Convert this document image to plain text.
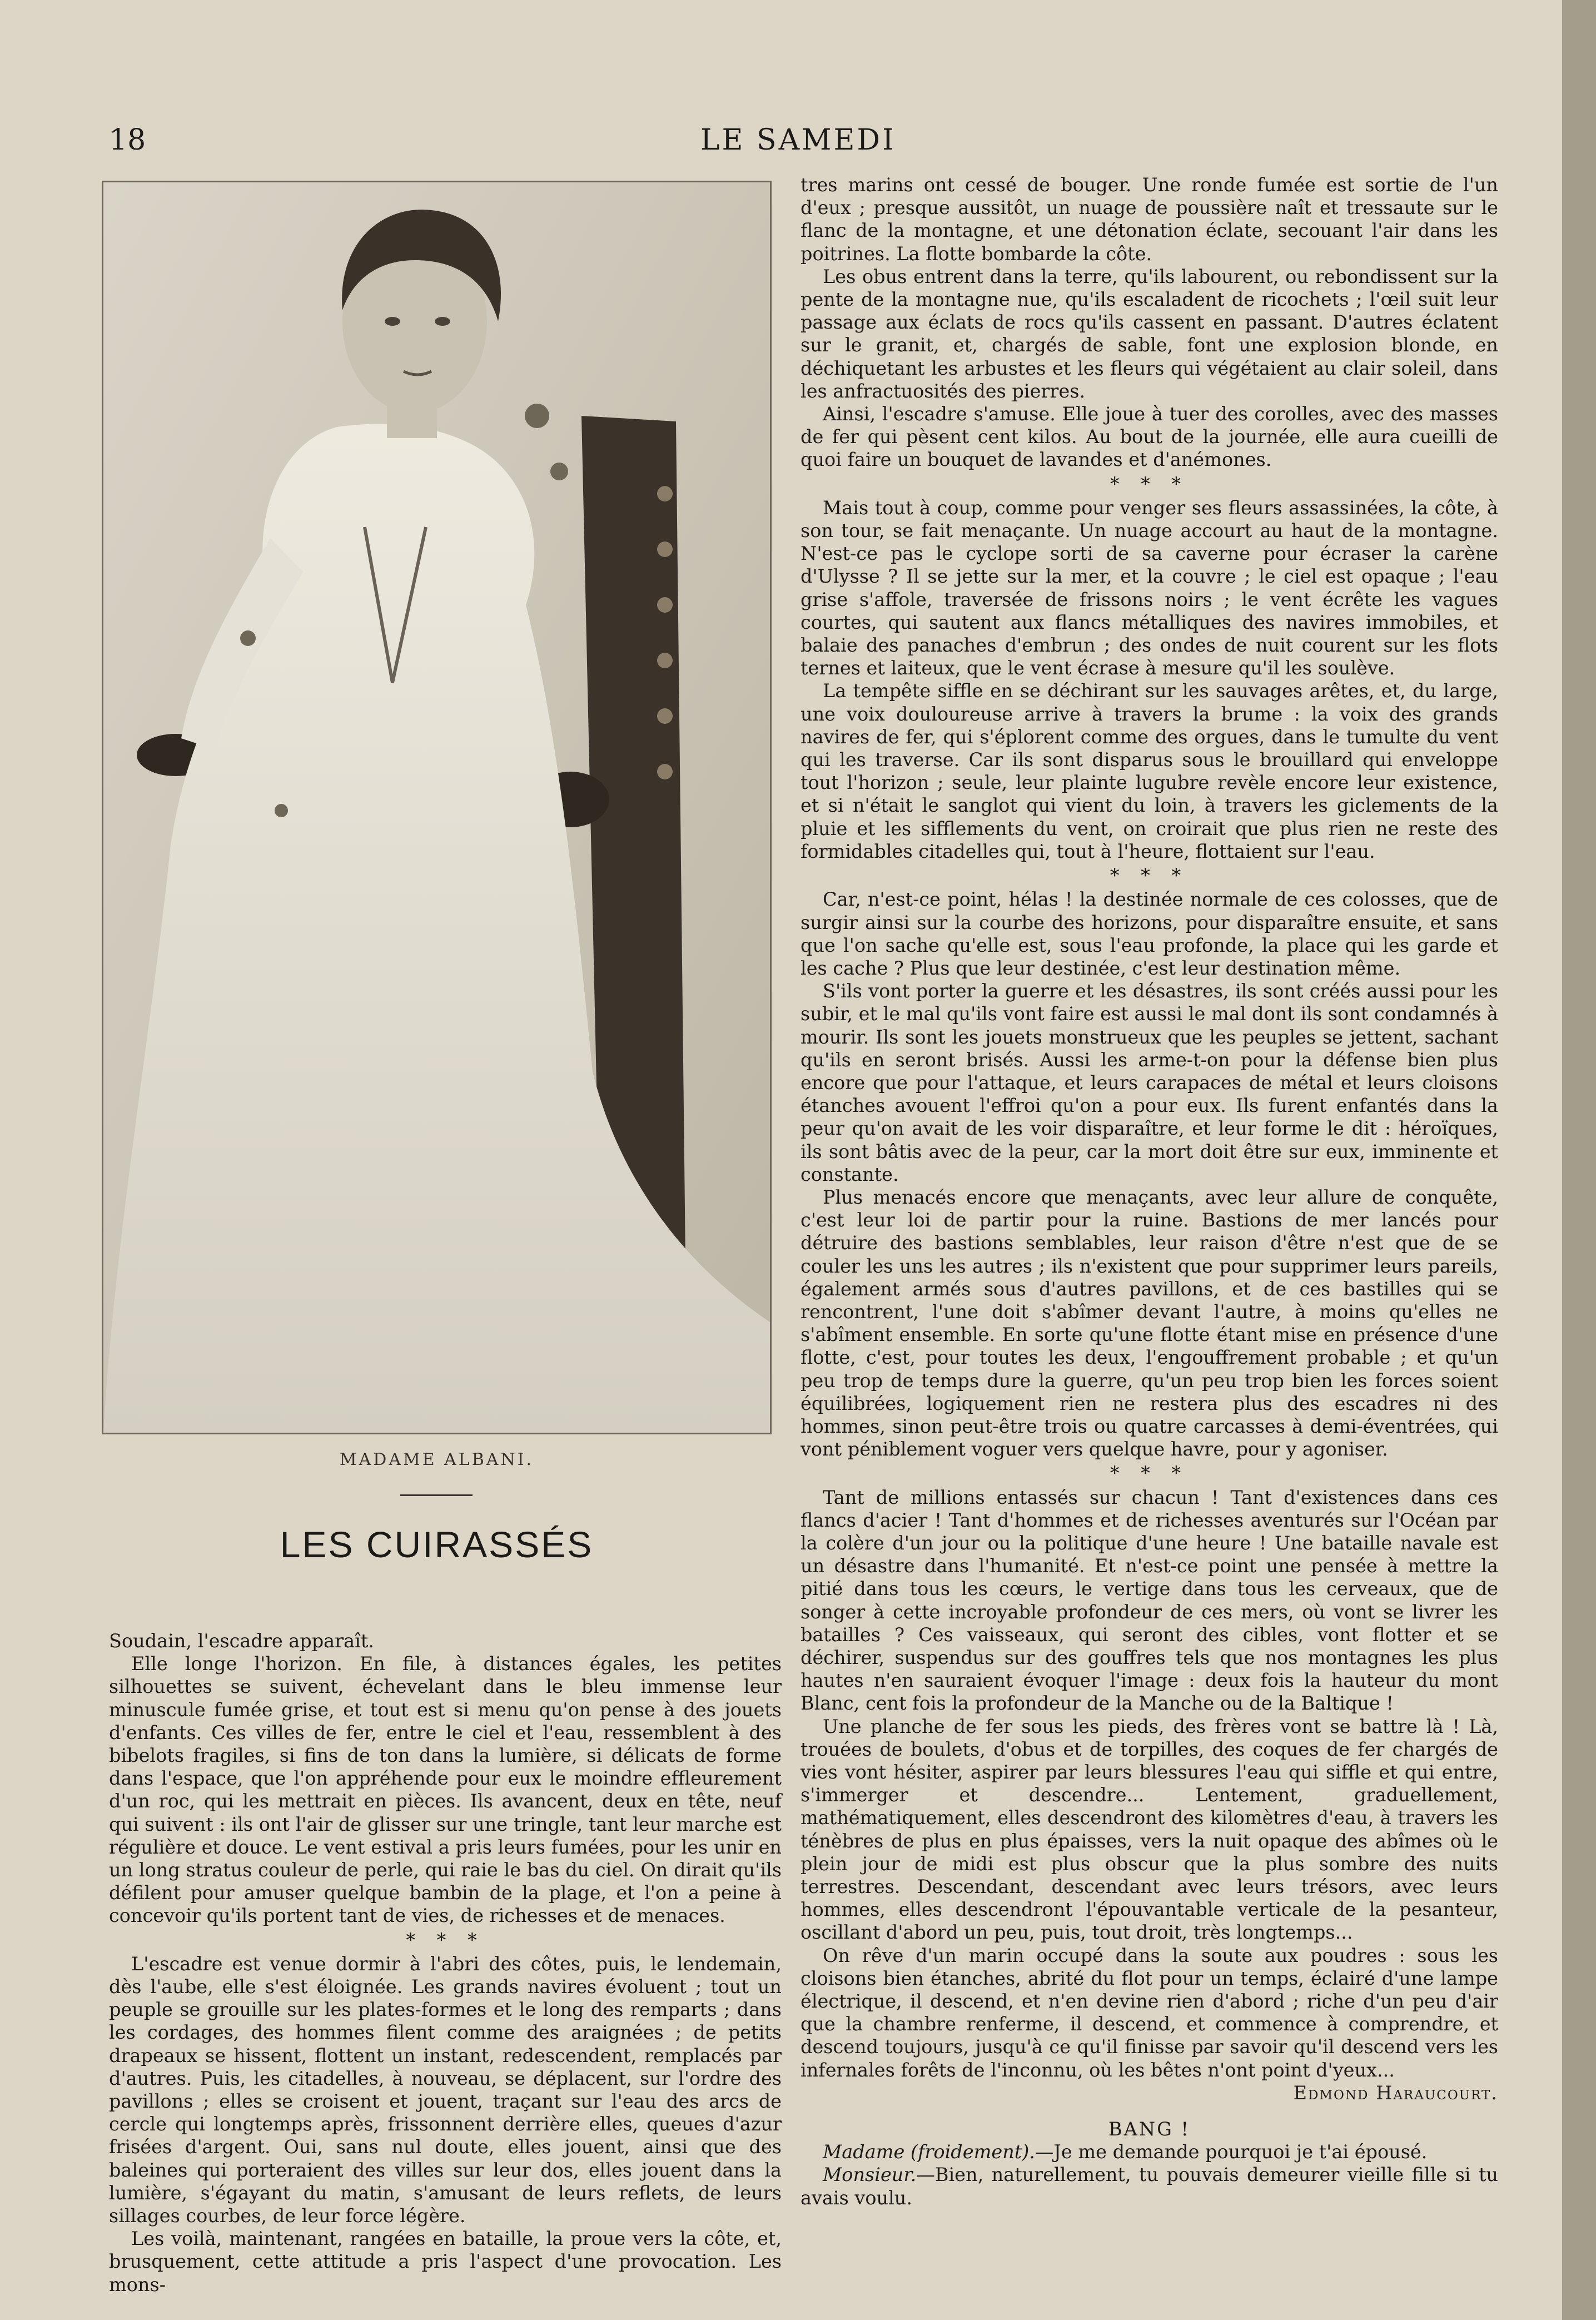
18	LE SAMEDI
MADAME ALBANI.
LES CUIRASSÉS

Soudain, l'escadre apparaît.

Elle longe l'horizon. En file, à distances égales, les petites silhouettes se suivent, échevelant dans le bleu immense leur minuscule fumée grise, et tout est si menu qu'on pense à des jouets d'enfants. Ces villes de fer, entre le ciel et l'eau, ressemblent à des bibelots fragiles, si fins de ton dans la lumière, si délicats de forme dans l'espace, que l'on appréhende pour eux le moindre effleurement d'un roc, qui les mettrait en pièces. Ils avancent, deux en tête, neuf qui suivent : ils ont l'air de glisser sur une tringle, tant leur marche est régulière et douce. Le vent estival a pris leurs fumées, pour les unir en un long stratus couleur de perle, qui raie le bas du ciel. On dirait qu'ils défilent pour amuser quelque bambin de la plage, et l'on a peine à concevoir qu'ils portent tant de vies, de richesses et de menaces.

* * *

L'escadre est venue dormir à l'abri des côtes, puis, le lendemain, dès l'aube, elle s'est éloignée. Les grands navires évoluent ; tout un peuple se grouille sur les plates-formes et le long des remparts ; dans les cordages, des hommes filent comme des araignées ; de petits drapeaux se hissent, flottent un instant, redescendent, remplacés par d'autres. Puis, les citadelles, à nouveau, se déplacent, sur l'ordre des pavillons ; elles se croisent et jouent, traçant sur l'eau des arcs de cercle qui longtemps après, frissonnent derrière elles, queues d'azur frisées d'argent. Oui, sans nul doute, elles jouent, ainsi que des baleines qui porteraient des villes sur leur dos, elles jouent dans la lumière, s'égayant du matin, s'amusant de leurs reflets, de leurs sillages courbes, de leur force légère.

Les voilà, maintenant, rangées en bataille, la proue vers la côte, et, brusquement, cette attitude a pris l'aspect d'une provocation. Les mons-

tres marins ont cessé de bouger. Une ronde fumée est sortie de l'un d'eux ; presque aussitôt, un nuage de poussière naît et tressaute sur le flanc de la montagne, et une détonation éclate, secouant l'air dans les poitrines. La flotte bombarde la côte.

Les obus entrent dans la terre, qu'ils labourent, ou rebondissent sur la pente de la montagne nue, qu'ils escaladent de ricochets ; l'œil suit leur passage aux éclats de rocs qu'ils cassent en passant. D'autres éclatent sur le granit, et, chargés de sable, font une explosion blonde, en déchiquetant les arbustes et les fleurs qui végétaient au clair soleil, dans les anfractuosités des pierres.

Ainsi, l'escadre s'amuse. Elle joue à tuer des corolles, avec des masses de fer qui pèsent cent kilos. Au bout de la journée, elle aura cueilli de quoi faire un bouquet de lavandes et d'anémones.

* * *

Mais tout à coup, comme pour venger ses fleurs assassinées, la côte, à son tour, se fait menaçante. Un nuage accourt au haut de la montagne. N'est-ce pas le cyclope sorti de sa caverne pour écraser la carène d'Ulysse ? Il se jette sur la mer, et la couvre ; le ciel est opaque ; l'eau grise s'affole, traversée de frissons noirs ; le vent écrête les vagues courtes, qui sautent aux flancs métalliques des navires immobiles, et balaie des panaches d'embrun ; des ondes de nuit courent sur les flots ternes et laiteux, que le vent écrase à mesure qu'il les soulève.

La tempête siffle en se déchirant sur les sauvages arêtes, et, du large, une voix douloureuse arrive à travers la brume : la voix des grands navires de fer, qui s'éplorent comme des orgues, dans le tumulte du vent qui les traverse. Car ils sont disparus sous le brouillard qui enveloppe tout l'horizon ; seule, leur plainte lugubre revèle encore leur existence, et si n'était le sanglot qui vient du loin, à travers les giclements de la pluie et les sifflements du vent, on croirait que plus rien ne reste des formidables citadelles qui, tout à l'heure, flottaient sur l'eau.

* * *

Car, n'est-ce point, hélas ! la destinée normale de ces colosses, que de surgir ainsi sur la courbe des horizons, pour disparaître ensuite, et sans que l'on sache qu'elle est, sous l'eau profonde, la place qui les garde et les cache ? Plus que leur destinée, c'est leur destination même.

S'ils vont porter la guerre et les désastres, ils sont créés aussi pour les subir, et le mal qu'ils vont faire est aussi le mal dont ils sont condamnés à mourir. Ils sont les jouets monstrueux que les peuples se jettent, sachant qu'ils en seront brisés. Aussi les arme-t-on pour la défense bien plus encore que pour l'attaque, et leurs carapaces de métal et leurs cloisons étanches avouent l'effroi qu'on a pour eux. Ils furent enfantés dans la peur qu'on avait de les voir disparaître, et leur forme le dit : héroïques, ils sont bâtis avec de la peur, car la mort doit être sur eux, imminente et constante.

Plus menacés encore que menaçants, avec leur allure de conquête, c'est leur loi de partir pour la ruine. Bastions de mer lancés pour détruire des bastions semblables, leur raison d'être n'est que de se couler les uns les autres ; ils n'existent que pour supprimer leurs pareils, également armés sous d'autres pavillons, et de ces bastilles qui se rencontrent, l'une doit s'abîmer devant l'autre, à moins qu'elles ne s'abîment ensemble. En sorte qu'une flotte étant mise en présence d'une flotte, c'est, pour toutes les deux, l'engouffrement probable ; et qu'un peu trop de temps dure la guerre, qu'un peu trop bien les forces soient équilibrées, logiquement rien ne restera plus des escadres ni des hommes, sinon peut-être trois ou quatre carcasses à demi-éventrées, qui vont péniblement voguer vers quelque havre, pour y agoniser.

* * *

Tant de millions entassés sur chacun ! Tant d'existences dans ces flancs d'acier ! Tant d'hommes et de richesses aventurés sur l'Océan par la colère d'un jour ou la politique d'une heure ! Une bataille navale est un désastre dans l'humanité. Et n'est-ce point une pensée à mettre la pitié dans tous les cœurs, le vertige dans tous les cerveaux, que de songer à cette incroyable profondeur de ces mers, où vont se livrer les batailles ? Ces vaisseaux, qui seront des cibles, vont flotter et se déchirer, suspendus sur des gouffres tels que nos montagnes les plus hautes n'en sauraient évoquer l'image : deux fois la hauteur du mont Blanc, cent fois la profondeur de la Manche ou de la Baltique !

Une planche de fer sous les pieds, des frères vont se battre là ! Là, trouées de boulets, d'obus et de torpilles, des coques de fer chargés de vies vont hésiter, aspirer par leurs blessures l'eau qui siffle et qui entre, s'immerger et descendre... Lentement, graduellement, mathématiquement, elles descendront des kilomètres d'eau, à travers les ténèbres de plus en plus épaisses, vers la nuit opaque des abîmes où le plein jour de midi est plus obscur que la plus sombre des nuits terrestres. Descendant, descendant avec leurs trésors, avec leurs hommes, elles descendront l'épouvantable verticale de la pesanteur, oscillant d'abord un peu, puis, tout droit, très longtemps...

On rêve d'un marin occupé dans la soute aux poudres : sous les cloisons bien étanches, abrité du flot pour un temps, éclairé d'une lampe électrique, il descend, et n'en devine rien d'abord ; riche d'un peu d'air que la chambre renferme, il descend, et commence à comprendre, et descend toujours, jusqu'à ce qu'il finisse par savoir qu'il descend vers les infernales forêts de l'inconnu, où les bêtes n'ont point d'yeux...

Edmond Haraucourt.
BANG !

Madame (froidement).—Je me demande pourquoi je t'ai épousé.

Monsieur.—Bien, naturellement, tu pouvais demeurer vieille fille si tu avais voulu.
